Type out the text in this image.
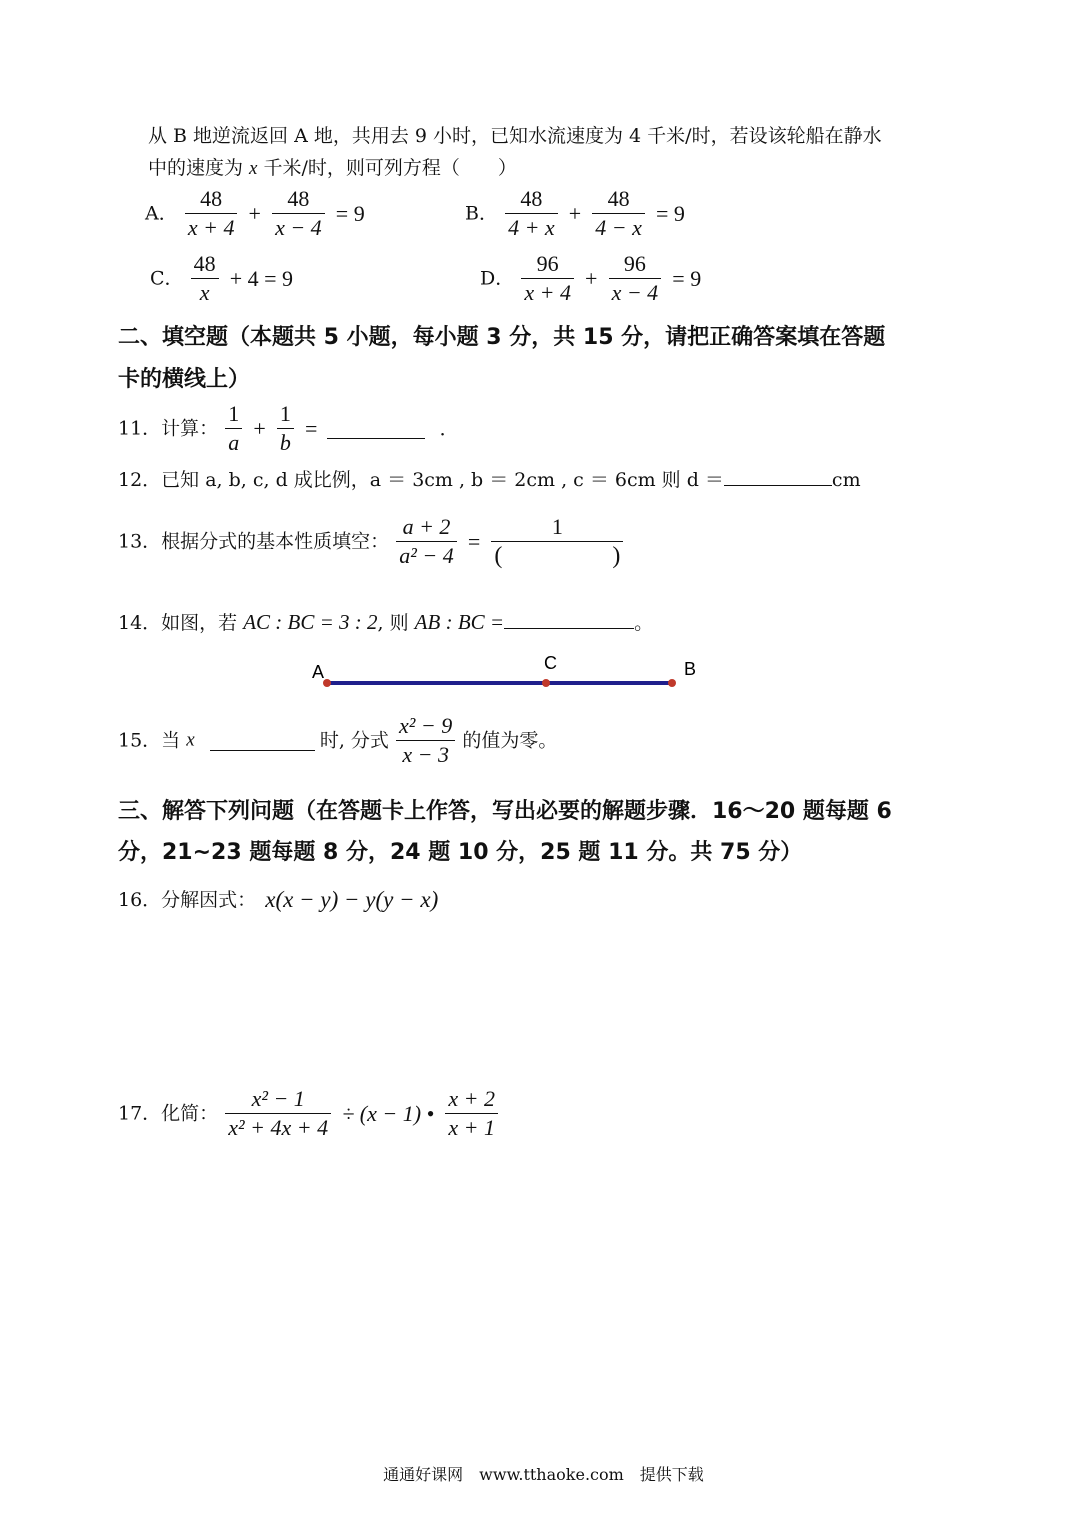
从 B 地逆流返回 A 地，共用去 9 小时，已知水流速度为 4 千米/时，若设该轮船在静水
中的速度为 x 千米/时，则可列方程（　　）
A． $\frac{48}{x + 4} + \frac{48}{x - 4} = 9$	B． $\frac{48}{4 + x} + \frac{48}{4 - x} = 9$
C． $\frac{48}{x} + 4 = 9$	D． $\frac{96}{x + 4} + \frac{96}{x - 4} = 9$
二、填空题（本题共 5 小题，每小题 3 分，共 15 分，请把正确答案填在答题
卡的横线上）
11．计算： $\frac{1}{a} + \frac{1}{b}$ =	．
12．已知 a, b, c, d 成比例，a ＝ 3cm , b ＝ 2cm , c ＝ 6cm 则 d ＝	cm
13．根据分式的基本性质填空： $\frac{a + 2}{\text{a² − 4}} = 1$
(	)
14．如图，若 AC : BC = 3 : 2, 则 AB : BC =	。
A	C	B
15．当 x	时, 分式 $\frac{\text{x² − 9}}{x - 3}$ 的值为零。
三、解答下列问题（在答题卡上作答，写出必要的解题步骤．16～20 题每题 6
分，21~23 题每题 8 分，24 题 10 分，25 题 11 分。共 75 分）
16．分解因式： x(x − y) − y(y − x)
17．化简： $\frac{\text{x² − 1}}{\text{x² + 4x + 4}} \div (x - 1)$ • $\frac{x + 2}{x + 1}$
通通好课网　www.tthaoke.com　提供下载
